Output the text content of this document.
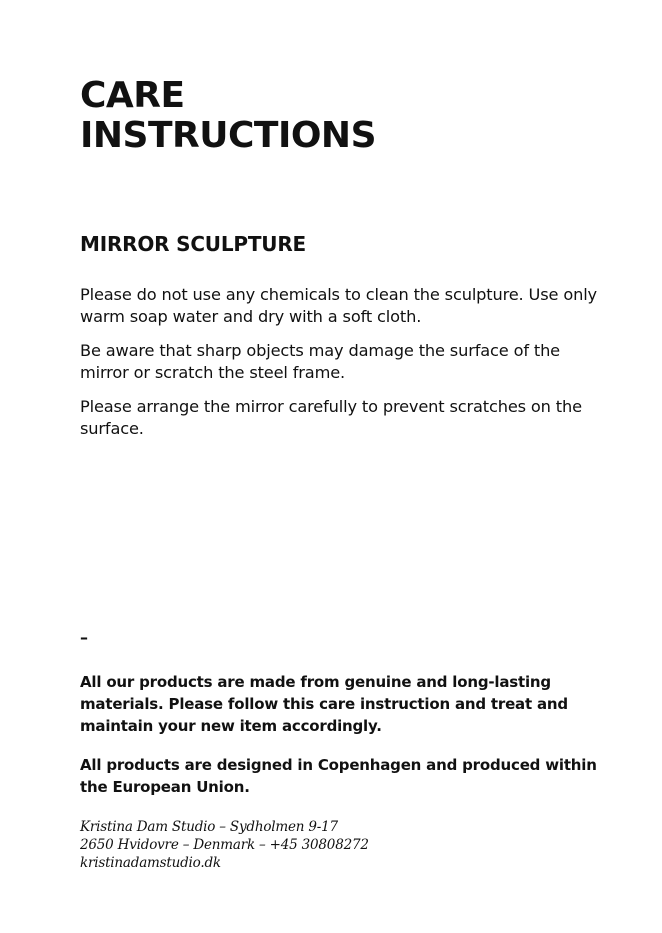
CARE
INSTRUCTIONS
MIRROR SCULPTURE

Please do not use any chemicals to clean the sculpture. Use only warm soap water and dry with a soft cloth.

Be aware that sharp objects may damage the surface of the mirror or scratch the steel frame.

Please arrange the mirror carefully to prevent scratches on the surface.

–

All our products are made from genuine and long-lasting materials. Please follow this care instruction and treat and maintain your new item accordingly.

All products are designed in Copenhagen and produced within the European Union.

Kristina Dam Studio – Sydholmen 9-17
2650 Hvidovre – Denmark – +45 30808272
kristinadamstudio.dk
